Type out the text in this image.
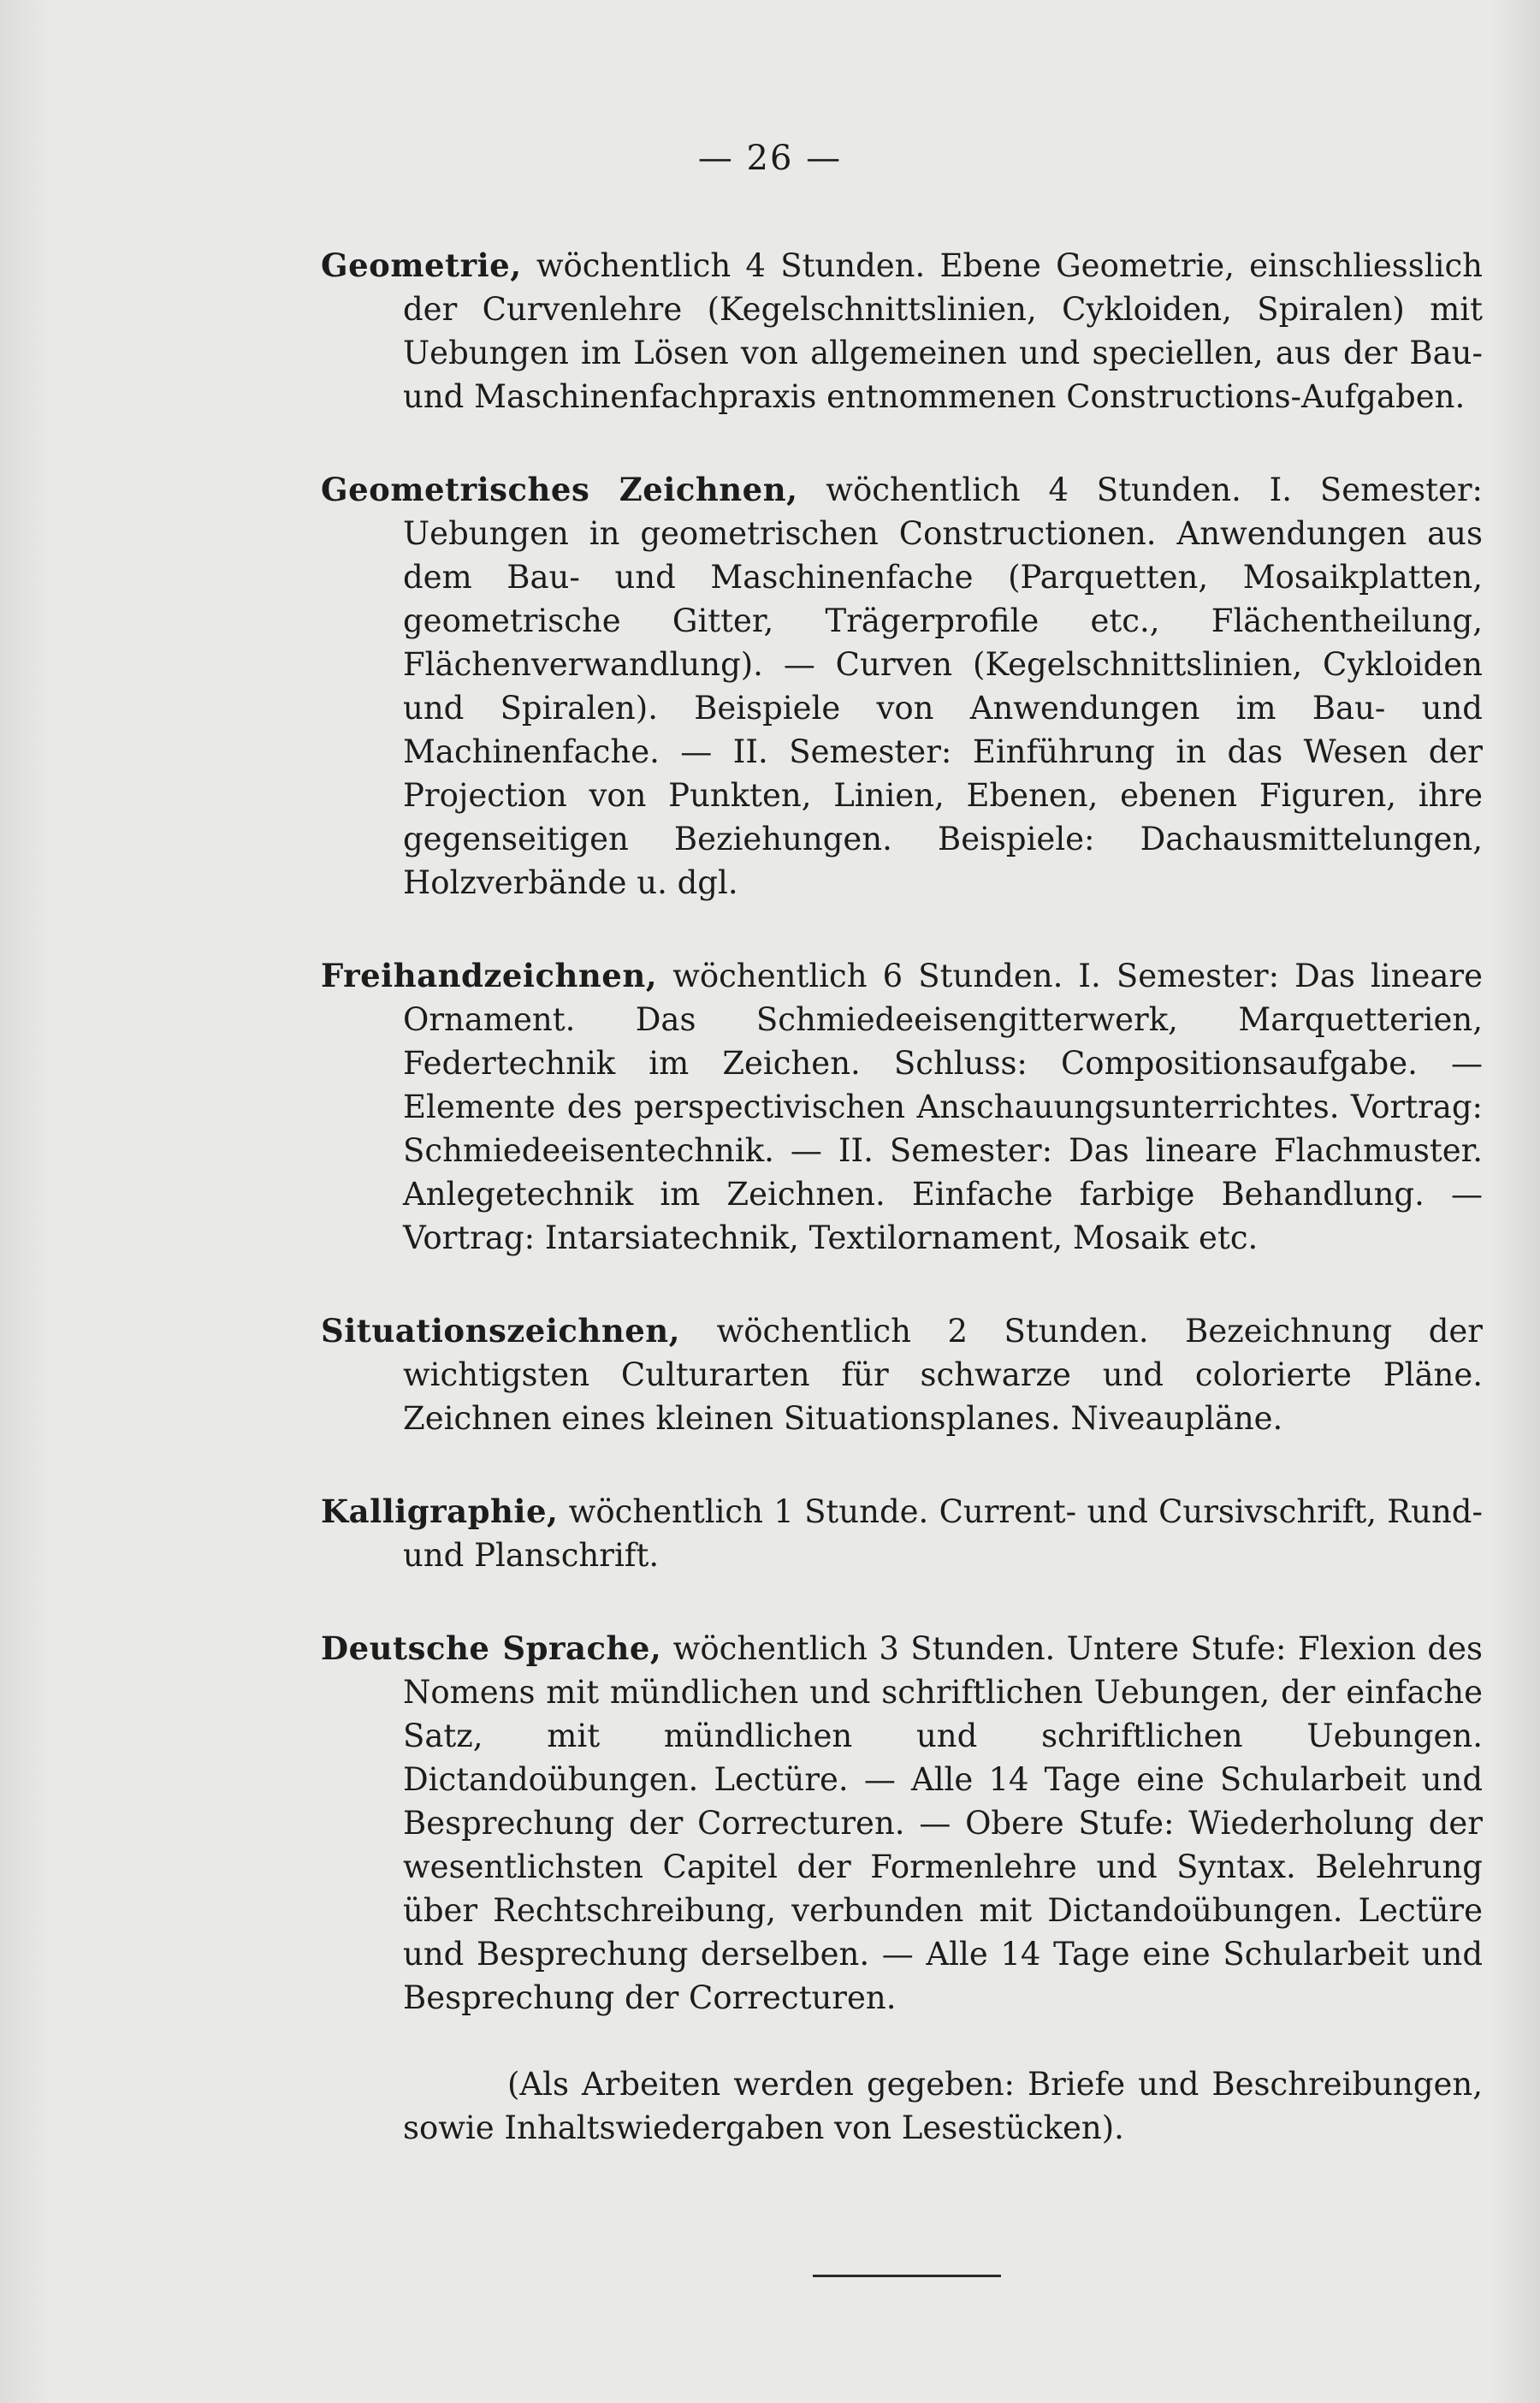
— 26 —

Geometrie, wöchentlich 4 Stunden. Ebene Geometrie, einschliesslich der Curvenlehre (Kegelschnittslinien, Cykloiden, Spiralen) mit Uebungen im Lösen von allgemeinen und speciellen, aus der Bau- und Maschinenfachpraxis entnommenen Constructions-Aufgaben.

Geometrisches Zeichnen, wöchentlich 4 Stunden. I. Semester: Uebungen in geometrischen Constructionen. Anwendungen aus dem Bau- und Maschinenfache (Parquetten, Mosaikplatten, geometrische Gitter, Trägerprofile etc., Flächentheilung, Flächenverwandlung). — Curven (Kegelschnittslinien, Cykloiden und Spiralen). Beispiele von Anwendungen im Bau- und Machinenfache. — II. Semester: Einführung in das Wesen der Projection von Punkten, Linien, Ebenen, ebenen Figuren, ihre gegenseitigen Beziehungen. Beispiele: Dachausmittelungen, Holzverbände u. dgl.

Freihandzeichnen, wöchentlich 6 Stunden. I. Semester: Das lineare Ornament. Das Schmiedeeisengitterwerk, Marquetterien, Federtechnik im Zeichen. Schluss: Compositionsaufgabe. — Elemente des perspectivischen Anschauungsunterrichtes. Vortrag: Schmiedeeisentechnik. — II. Semester: Das lineare Flachmuster. Anlegetechnik im Zeichnen. Einfache farbige Behandlung. — Vortrag: Intarsiatechnik, Textilornament, Mosaik etc.

Situationszeichnen, wöchentlich 2 Stunden. Bezeichnung der wichtigsten Culturarten für schwarze und colorierte Pläne. Zeichnen eines kleinen Situationsplanes. Niveaupläne.

Kalligraphie, wöchentlich 1 Stunde. Current- und Cursivschrift, Rund- und Planschrift.

Deutsche Sprache, wöchentlich 3 Stunden. Untere Stufe: Flexion des Nomens mit mündlichen und schriftlichen Uebungen, der einfache Satz, mit mündlichen und schriftlichen Uebungen. Dictandoübungen. Lectüre. — Alle 14 Tage eine Schularbeit und Besprechung der Correcturen. — Obere Stufe: Wiederholung der wesentlichsten Capitel der Formenlehre und Syntax. Belehrung über Rechtschreibung, verbunden mit Dictandoübungen. Lectüre und Besprechung derselben. — Alle 14 Tage eine Schularbeit und Besprechung der Correcturen.

(Als Arbeiten werden gegeben: Briefe und Beschreibungen, sowie Inhaltswiedergaben von Lesestücken).
